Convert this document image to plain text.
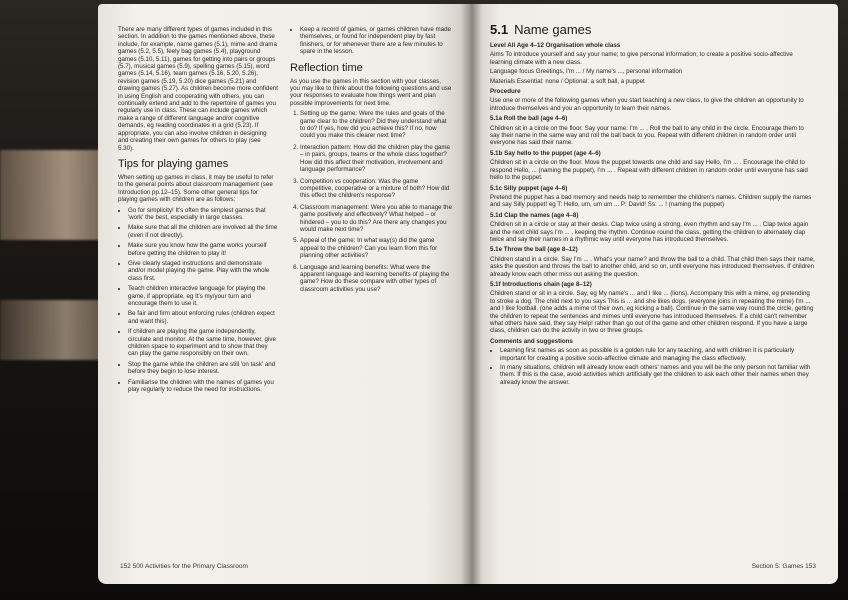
There are many different types of games included in this section. In addition to the games mentioned above, these include, for example, name games (5.1), mime and drama games (5.2, 5.5), feely bag games (5.4), playground games (5.10, 5.11), games for getting into pairs or groups (5.7), musical games (5.9), spelling games (5.15), word games (5.14, 5.16), team games (5.16, 5.20, 5.26), revision games (5.19, 5.20) dice games (5.21) and drawing games (5.27). As children become more confident in using English and cooperating with others, you can continually extend and add to the repertoire of games you regularly use in class. These can include games which make a range of different language and/or cognitive demands, eg reading coordinates in a grid (5.23). If appropriate, you can also involve children in designing and creating their own games for others to play (see 5.30).

Tips for playing games

When setting up games in class, it may be useful to refer to the general points about classroom management (see Introduction pp.12–15). Some other general tips for playing games with children are as follows:

• Go for simplicity! It's often the simplest games that 'work' the best, especially in large classes.
• Make sure that all the children are involved all the time (even if not directly).
• Make sure you know how the game works yourself before getting the children to play it!
• Give clearly staged instructions and demonstrate and/or model playing the game. Play with the whole class first.
• Teach children interactive language for playing the game, if appropriate, eg It's my/your turn and encourage them to use it.
• Be fair and firm about enforcing rules (children expect and want this).
• If children are playing the game independently, circulate and monitor. At the same time, however, give children space to experiment and to show that they can play the game responsibly on their own.
• Stop the game while the children are still 'on task' and before they begin to lose interest.
• Familiarise the children with the names of games you play regularly to reduce the need for instructions.
• Keep a record of games, or games children have made themselves, or found for independent play by fast finishers, or for whenever there are a few minutes to spare in the lesson.
Reflection time

As you use the games in this section with your classes, you may like to think about the following questions and use your responses to evaluate how things went and plan possible improvements for next time.

1. Setting up the game: Were the rules and goals of the game clear to the children? Did they understand what to do? If yes, how did you achieve this? If no, how could you make this clearer next time?
2. Interaction pattern: How did the children play the game – in pairs, groups, teams or the whole class together? How did this affect their motivation, involvement and language performance?
3. Competition vs cooperation: Was the game competitive, cooperative or a mixture of both? How did this effect the children's response?
4. Classroom management: Were you able to manage the game positively and effectively? What helped – or hindered – you to do this? Are there any changes you would make next time?
5. Appeal of the game: In what way(s) did the game appeal to the children? Can you learn from this for planning other activities?
6. Language and learning benefits: What were the apparent language and learning benefits of playing the game? How do these compare with other types of classroom activities you use?
152 500 Activities for the Primary Classroom
5.1 Name games

Level All Age 4–12 Organisation whole class

Aims To introduce yourself and say your name; to give personal information; to create a positive socio-affective learning climate with a new class.

Language focus Greetings, I'm ... / My name's ..., personal information

Materials Essential: none / Optional: a soft ball, a puppet

Procedure

Use one or more of the following games when you start teaching a new class, to give the children an opportunity to introduce themselves and you an opportunity to learn their names.

5.1a Roll the ball (age 4–6)

Children sit in a circle on the floor. Say your name: I'm ... . Roll the ball to any child in the circle. Encourage them to say their name in the same way and roll the ball back to you. Repeat with different children in random order until everyone has said their name.

5.1b Say hello to the puppet (age 4–6)

Children sit in a circle on the floor. Move the puppet towards one child and say Hello, I'm ... . Encourage the child to respond Hello, ... (naming the puppet), I'm ... . Repeat with different children in random order until everyone has said hello to the puppet.

5.1c Silly puppet (age 4–6)

Pretend the puppet has a bad memory and needs help to remember the children's names. Children supply the names and say Silly puppet! eg T: Hello, um, um um ... P: David! Ss: ... ! (naming the puppet)

5.1d Clap the names (age 4–8)

Children sit in a circle or stay at their desks. Clap twice using a strong, even rhythm and say I'm ... . Clap twice again and the next child says I'm ... , keeping the rhythm. Continue round the class, getting the children to alternately clap twice and say their names in a rhythmic way until everyone has introduced themselves.

5.1e Throw the ball (age 8–12)

Children stand in a circle. Say I'm ... . What's your name? and throw the ball to a child. That child then says their name, asks the question and throws the ball to another child, and so on, until everyone has introduced themselves. If children already know each other miss out asking the question.

5.1f Introductions chain (age 8–12)

Children stand or sit in a circle. Say, eg My name's ... and I like ... (lions). Accompany this with a mime, eg pretending to stroke a dog. The child next to you says This is ... and she likes dogs. (everyone joins in repeating the mime) I'm ... and I like football. (one adds a mime of their own, eg kicking a ball). Continue in the same way round the circle, getting the children to repeat the sentences and mimes until everyone has introduced themselves. If a child can't remember what others have said, they say Help! rather than go out of the game and other children respond. If you have a large class, children can do the activity in two or three groups.

Comments and suggestions

• Learning first names as soon as possible is a golden rule for any teaching, and with children it is particularly important for creating a positive socio-affective climate and managing the class effectively.
• In many situations, children will already know each others' names and you will be the only person not familiar with them. If this is the case, avoid activities which artificially get the children to ask each other their names when they already know the answer.
Section 5: Games 153
